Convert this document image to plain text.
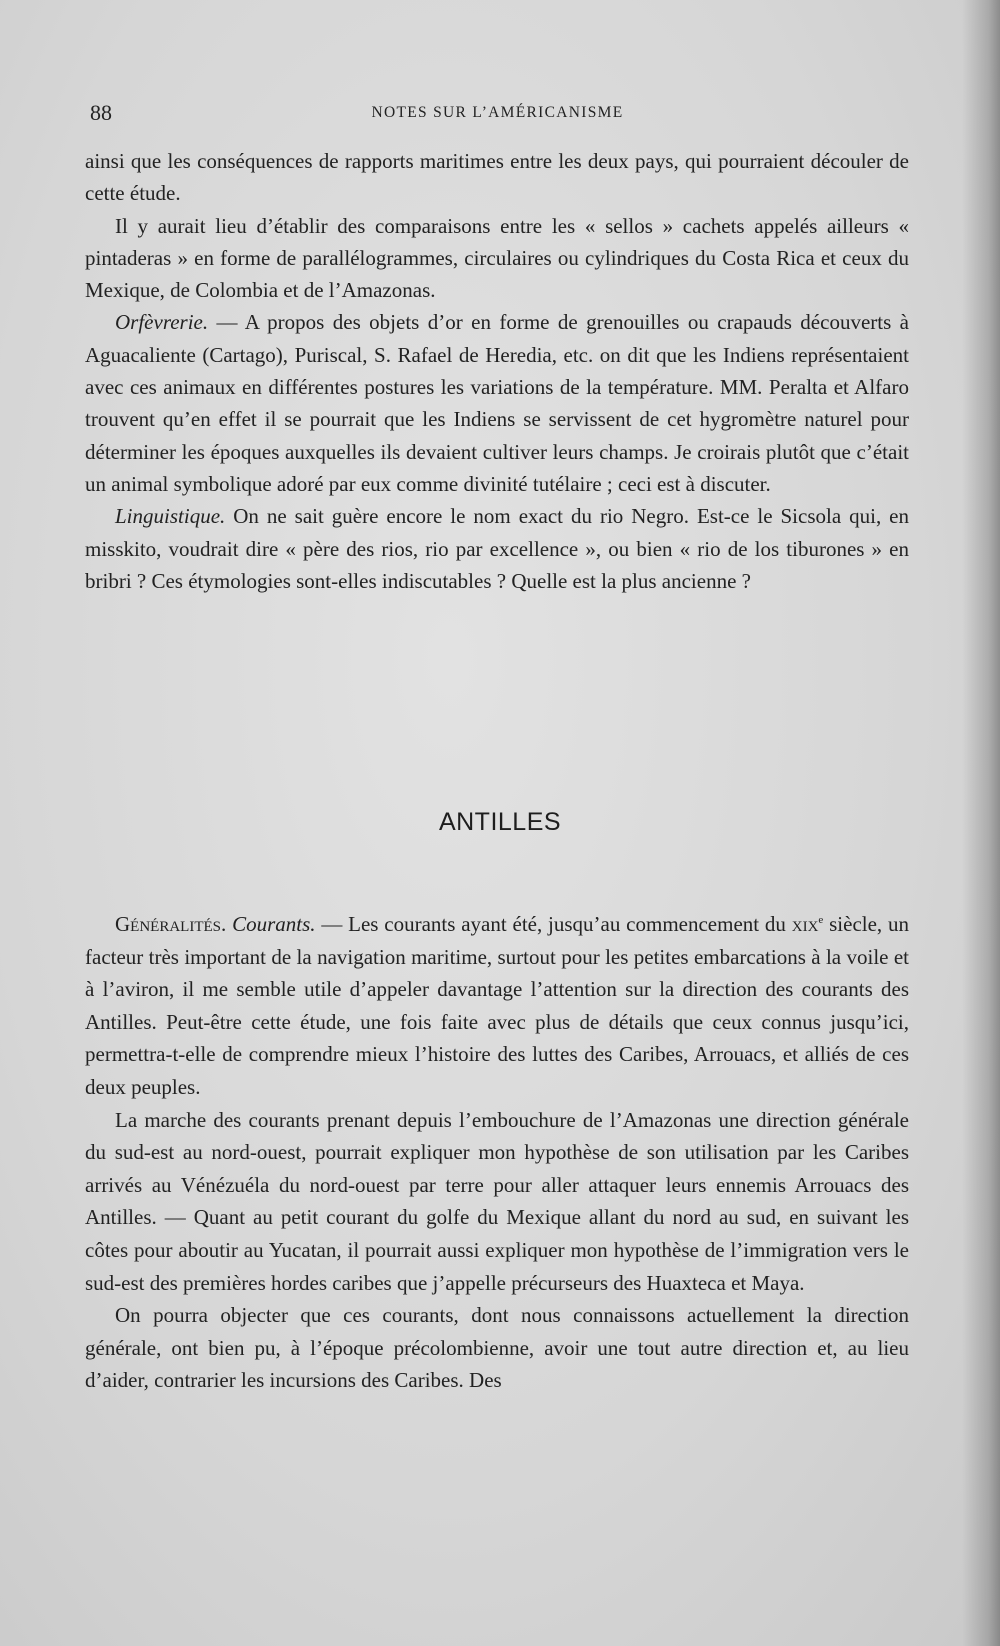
88	NOTES SUR L’AMÉRICANISME

ainsi que les conséquences de rapports maritimes entre les deux pays, qui pourraient découler de cette étude.

Il y aurait lieu d’établir des comparaisons entre les « sellos » cachets appelés ailleurs « pintaderas » en forme de parallélogrammes, circulaires ou cylindriques du Costa Rica et ceux du Mexique, de Colombia et de l’Amazonas.

Orfèvrerie. — A propos des objets d’or en forme de grenouilles ou crapauds découverts à Aguacaliente (Cartago), Puriscal, S. Rafael de Heredia, etc. on dit que les Indiens représentaient avec ces animaux en différentes postures les variations de la température. MM. Peralta et Alfaro trouvent qu’en effet il se pourrait que les Indiens se servissent de cet hygromètre naturel pour déterminer les époques auxquelles ils devaient cultiver leurs champs. Je croirais plutôt que c’était un animal symbolique adoré par eux comme divinité tutélaire ; ceci est à discuter.

Linguistique. On ne sait guère encore le nom exact du rio Negro. Est-ce le Sicsola qui, en misskito, voudrait dire « père des rios, rio par excellence », ou bien « rio de los tiburones » en bribri ? Ces étymologies sont-elles indiscutables ? Quelle est la plus ancienne ?

ANTILLES

Généralités. Courants. — Les courants ayant été, jusqu’au commencement du xix$^e$ siècle, un facteur très important de la navigation maritime, surtout pour les petites embarcations à la voile et à l’aviron, il me semble utile d’appeler davantage l’attention sur la direction des courants des Antilles. Peut-être cette étude, une fois faite avec plus de détails que ceux connus jusqu’ici, permettra-t-elle de comprendre mieux l’histoire des luttes des Caribes, Arrouacs, et alliés de ces deux peuples.

La marche des courants prenant depuis l’embouchure de l’Amazonas une direction générale du sud-est au nord-ouest, pourrait expliquer mon hypothèse de son utilisation par les Caribes arrivés au Vénézuéla du nord-ouest par terre pour aller attaquer leurs ennemis Arrouacs des Antilles. — Quant au petit courant du golfe du Mexique allant du nord au sud, en suivant les côtes pour aboutir au Yucatan, il pourrait aussi expliquer mon hypothèse de l’immigration vers le sud-est des premières hordes caribes que j’appelle précurseurs des Huaxteca et Maya.

On pourra objecter que ces courants, dont nous connaissons actuellement la direction générale, ont bien pu, à l’époque précolombienne, avoir une tout autre direction et, au lieu d’aider, contrarier les incursions des Caribes. Des
